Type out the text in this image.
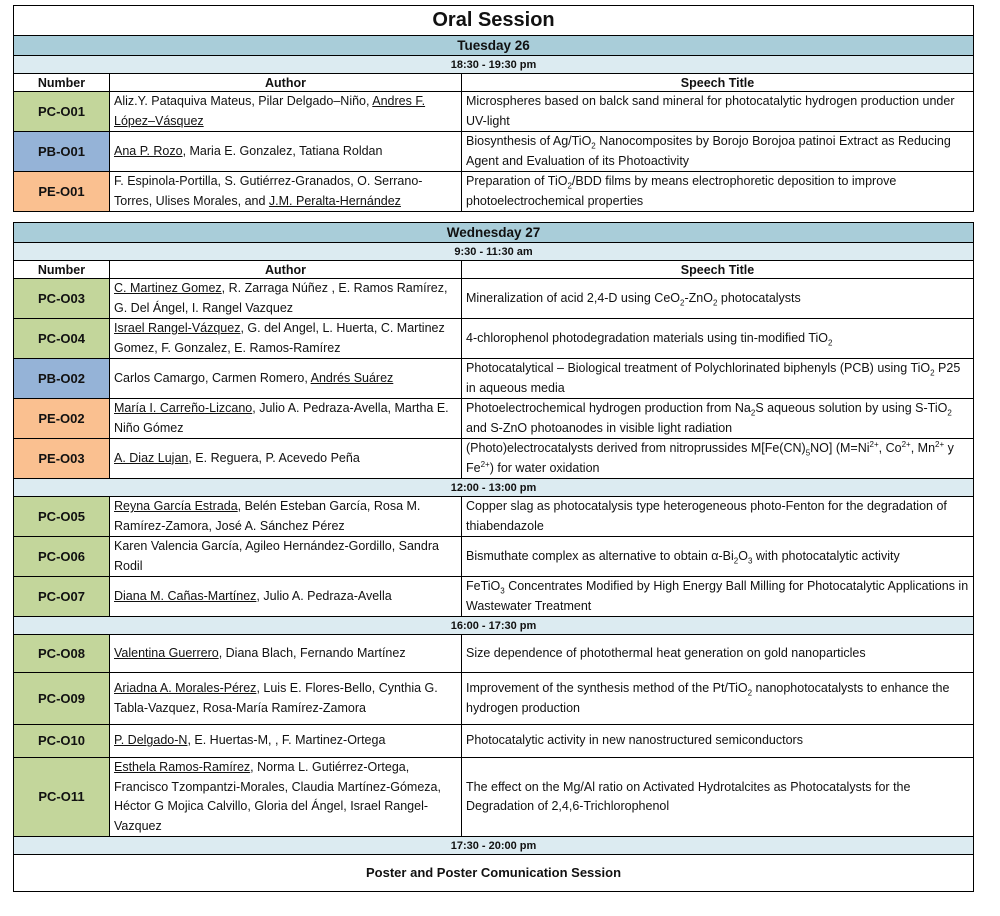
Oral Session		
Tuesday 26		
18:30 - 19:30 pm		
Number	Author	Speech Title
PC-O01	Aliz.Y. Pataquiva Mateus, Pilar Delgado–Niño, Andres F. López–Vásquez	Microspheres based on balck sand mineral for photocatalytic hydrogen production under UV-light
PB-O01	Ana P. Rozo, Maria E. Gonzalez, Tatiana Roldan	Biosynthesis of Ag/TiO$_2$ Nanocomposites by Borojo Borojoa patinoi Extract as Reducing Agent and Evaluation of its Photoactivity
PE-O01	F. Espinola-Portilla, S. Gutiérrez-Granados, O. Serrano-Torres, Ulises Morales, and J.M. Peralta-Hernández	Preparation of TiO$_2$/BDD films by means electrophoretic deposition to improve photoelectrochemical properties
Wednesday 27		
9:30 - 11:30 am		
Number	Author	Speech Title
PC-O03	C. Martinez Gomez, R. Zarraga Núñez , E. Ramos Ramírez, G. Del Ángel, I. Rangel Vazquez	Mineralization of acid 2,4-D using CeO$_2$-ZnO$_2$ photocatalysts
PC-O04	Israel Rangel-Vázquez, G. del Angel, L. Huerta, C. Martinez Gomez, F. Gonzalez, E. Ramos-Ramírez	4-chlorophenol photodegradation materials using tin-modified TiO$_2$
PB-O02	Carlos Camargo, Carmen Romero, Andrés Suárez	Photocatalytical – Biological treatment of Polychlorinated biphenyls (PCB) using TiO$_2$ P25 in aqueous media
PE-O02	María I. Carreño-Lizcano, Julio A. Pedraza-Avella, Martha E. Niño Gómez	Photoelectrochemical hydrogen production from $Na_2S$ aqueous solution by using S-TiO$_2$ and S-ZnO photoanodes in visible light radiation
PE-O03	A. Diaz Lujan, E. Reguera, P. Acevedo Peña	(Photo)electrocatalysts derived from nitroprussides $M[Fe(CN)_5NO]$ ($M=Ni^{2+}$, $Co^{2+}$, $Mn^{2+}$ y $Fe^{2+}$) for water oxidation
12:00 - 13:00 pm		
PC-O05	Reyna García Estrada, Belén Esteban García, Rosa M. Ramírez-Zamora, José A. Sánchez Pérez	Copper slag as photocatalysis type heterogeneous photo-Fenton for the degradation of thiabendazole
PC-O06	Karen Valencia García, Agileo Hernández-Gordillo, Sandra Rodil	Bismuthate complex as alternative to obtain $\alpha-Bi_2O_3$ with photocatalytic activity
PC-O07	Diana M. Cañas-Martínez, Julio A. Pedraza-Avella	FeTiO$_3$ Concentrates Modified by High Energy Ball Milling for Photocatalytic Applications in Wastewater Treatment
16:00 - 17:30 pm		
PC-O08	Valentina Guerrero, Diana Blach, Fernando Martínez	Size dependence of photothermal heat generation on gold nanoparticles
PC-O09	Ariadna A. Morales-Pérez, Luis E. Flores-Bello, Cynthia G. Tabla-Vazquez, Rosa-María Ramírez-Zamora	Improvement of the synthesis method of the Pt/TiO$_2$ nanophotocatalysts to enhance the hydrogen production
PC-O10	P. Delgado-N, E. Huertas-M, , F. Martinez-Ortega	Photocatalytic activity in new nanostructured semiconductors
PC-O11	Esthela Ramos-Ramírez, Norma L. Gutiérrez-Ortega, Francisco Tzompantzi-Morales, Claudia Martínez-Gómeza, Héctor G Mojica Calvillo, Gloria del Ángel, Israel Rangel-Vazquez	The effect on the Mg/Al ratio on Activated Hydrotalcites as Photocatalysts for the Degradation of 2,4,6-Trichlorophenol
17:30 - 20:00 pm		
Poster and Poster Comunication Session		
